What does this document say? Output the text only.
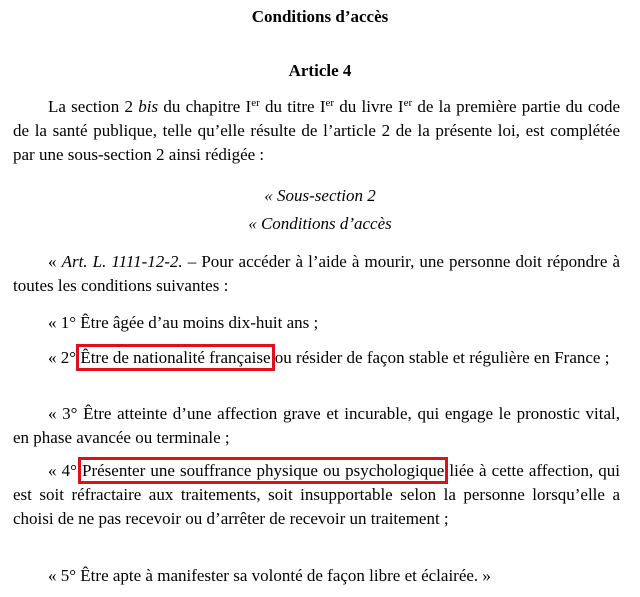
Conditions d’accès
Article 4
La section 2 bis du chapitre Ier du titre Ier du livre Ier de la première partie du code de la santé publique, telle qu’elle résulte de l’article 2 de la présente loi, est complétée par une sous-section 2 ainsi rédigée :
« Sous-section 2
« Conditions d’accès
« Art. L. 1111-12-2. – Pour accéder à l’aide à mourir, une personne doit répondre à toutes les conditions suivantes :
« 1° Être âgée d’au moins dix-huit ans ;
« 2° Être de nationalité française ou résider de façon stable et régulière en France ;
« 3° Être atteinte d’une affection grave et incurable, qui engage le pronostic vital, en phase avancée ou terminale ;
« 4° Présenter une souffrance physique ou psychologique liée à cette affection, qui est soit réfractaire aux traitements, soit insupportable selon la personne lorsqu’elle a choisi de ne pas recevoir ou d’arrêter de recevoir un traitement ;
« 5° Être apte à manifester sa volonté de façon libre et éclairée. »
